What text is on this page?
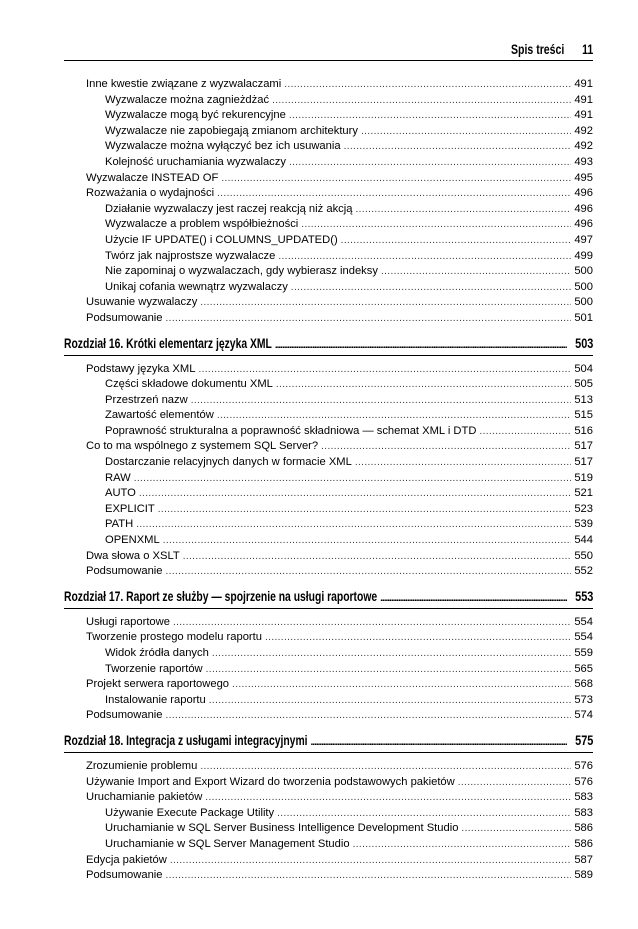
Spis treści 11
Inne kwestie związane z wyzwalaczami . . .	491
Wyzwalacze można zagnieżdżać . . .	491
Wyzwalacze mogą być rekurencyjne . . .	491
Wyzwalacze nie zapobiegają zmianom architektury . . .	492
Wyzwalacze można wyłączyć bez ich usuwania . . .	492
Kolejność uruchamiania wyzwalaczy . . .	493
Wyzwalacze INSTEAD OF . . .	495
Rozważania o wydajności . . .	496
Działanie wyzwalaczy jest raczej reakcją niż akcją . . .	496
Wyzwalacze a problem współbieżności . . .	496
Użycie IF UPDATE() i COLUMNS_UPDATED() . . .	497
Twórz jak najprostsze wyzwalacze . . .	499
Nie zapominaj o wyzwalaczach, gdy wybierasz indeksy . . .	500
Unikaj cofania wewnątrz wyzwalaczy . . .	500
Usuwanie wyzwalaczy . . .	500
Podsumowanie . . .	501
Rozdział 16. Krótki elementarz języka XML .....	503
Podstawy języka XML . . .	504
Części składowe dokumentu XML . . .	505
Przestrzeń nazw . . .	513
Zawartość elementów . . .	515
Poprawność strukturalna a poprawność składniowa — schemat XML i DTD . . .	516
Co to ma wspólnego z systemem SQL Server? . . .	517
Dostarczanie relacyjnych danych w formacie XML . . .	517
RAW . . .	519
AUTO . . .	521
EXPLICIT . . .	523
PATH . . .	539
OPENXML . . .	544
Dwa słowa o XSLT . . .	550
Podsumowanie . . .	552
Rozdział 17. Raport ze służby — spojrzenie na usługi raportowe .....	553
Usługi raportowe . . .	554
Tworzenie prostego modelu raportu . . .	554
Widok źródła danych . . .	559
Tworzenie raportów . . .	565
Projekt serwera raportowego . . .	568
Instalowanie raportu . . .	573
Podsumowanie . . .	574
Rozdział 18. Integracja z usługami integracyjnymi .....	575
Zrozumienie problemu . . .	576
Używanie Import and Export Wizard do tworzenia podstawowych pakietów . . .	576
Uruchamianie pakietów . . .	583
Używanie Execute Package Utility . . .	583
Uruchamianie w SQL Server Business Intelligence Development Studio . . .	586
Uruchamianie w SQL Server Management Studio . . .	586
Edycja pakietów . . .	587
Podsumowanie . . .	589
